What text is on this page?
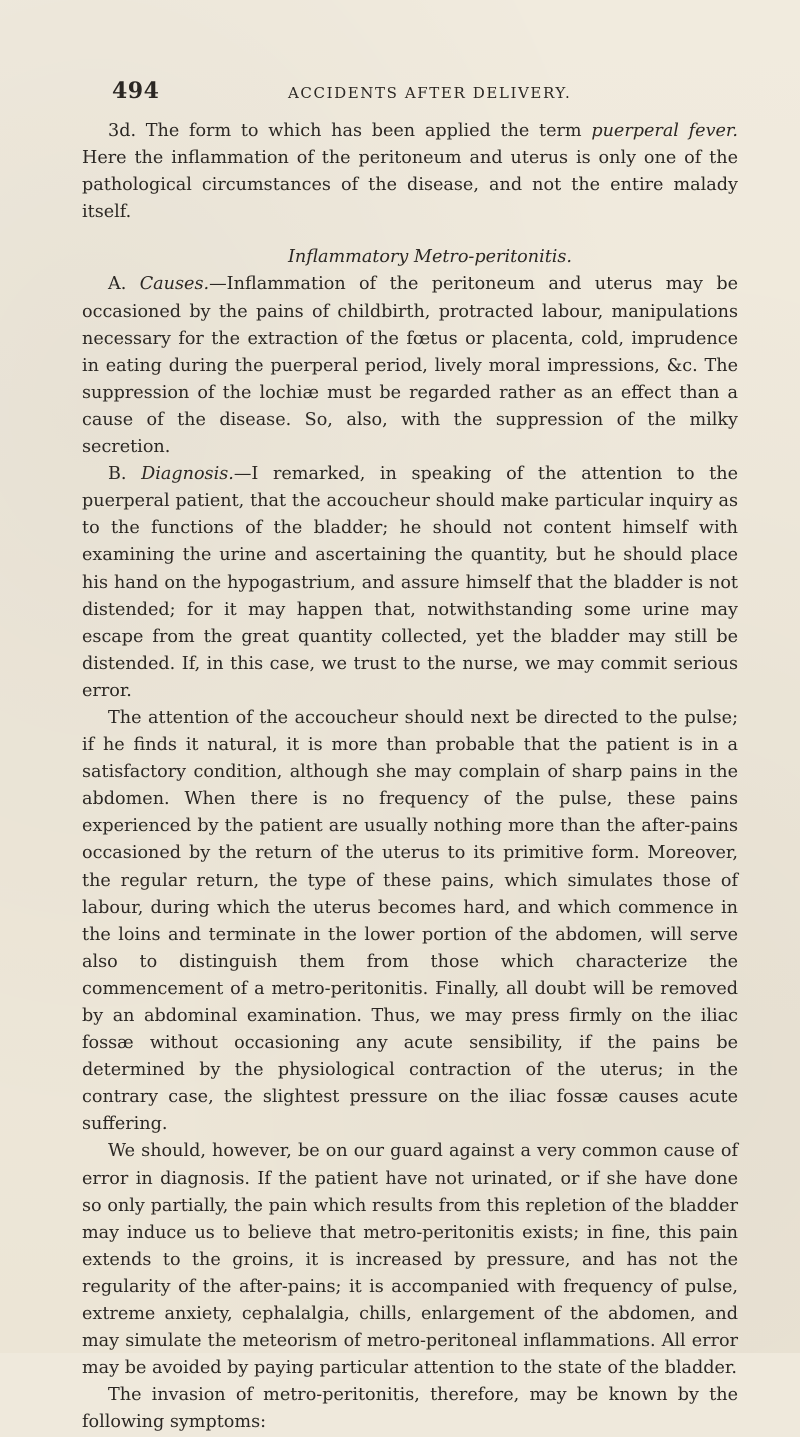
494	ACCIDENTS AFTER DELIVERY.

3d. The form to which has been applied the term puerperal fever. Here the inflammation of the peritoneum and uterus is only one of the pathological circumstances of the disease, and not the entire malady itself.

Inflammatory Metro-peritonitis.

A. Causes.—Inflammation of the peritoneum and uterus may be occasioned by the pains of childbirth, protracted labour, manipulations necessary for the extraction of the fœtus or placenta, cold, imprudence in eating during the puerperal period, lively moral impressions, &c. The suppression of the lochiæ must be regarded rather as an effect than a cause of the disease. So, also, with the suppression of the milky secretion.

B. Diagnosis.—I remarked, in speaking of the attention to the puerperal patient, that the accoucheur should make particular inquiry as to the functions of the bladder; he should not content himself with examining the urine and ascertaining the quantity, but he should place his hand on the hypogastrium, and assure himself that the bladder is not distended; for it may happen that, notwithstanding some urine may escape from the great quantity collected, yet the bladder may still be distended. If, in this case, we trust to the nurse, we may commit serious error.

The attention of the accoucheur should next be directed to the pulse; if he finds it natural, it is more than probable that the patient is in a satisfactory condition, although she may complain of sharp pains in the abdomen. When there is no frequency of the pulse, these pains experienced by the patient are usually nothing more than the after-pains occasioned by the return of the uterus to its primitive form. Moreover, the regular return, the type of these pains, which simulates those of labour, during which the uterus becomes hard, and which commence in the loins and terminate in the lower portion of the abdomen, will serve also to distinguish them from those which characterize the commencement of a metro-peritonitis. Finally, all doubt will be removed by an abdominal examination. Thus, we may press firmly on the iliac fossæ without occasioning any acute sensibility, if the pains be determined by the physiological contraction of the uterus; in the contrary case, the slightest pressure on the iliac fossæ causes acute suffering.

We should, however, be on our guard against a very common cause of error in diagnosis. If the patient have not urinated, or if she have done so only partially, the pain which results from this repletion of the bladder may induce us to believe that metro-peritonitis exists; in fine, this pain extends to the groins, it is increased by pressure, and has not the regularity of the after-pains; it is accompanied with frequency of pulse, extreme anxiety, cephalalgia, chills, enlargement of the abdomen, and may simulate the meteorism of metro-peritoneal inflammations. All error may be avoided by paying particular attention to the state of the bladder.

The invasion of metro-peritonitis, therefore, may be known by the following symptoms:
